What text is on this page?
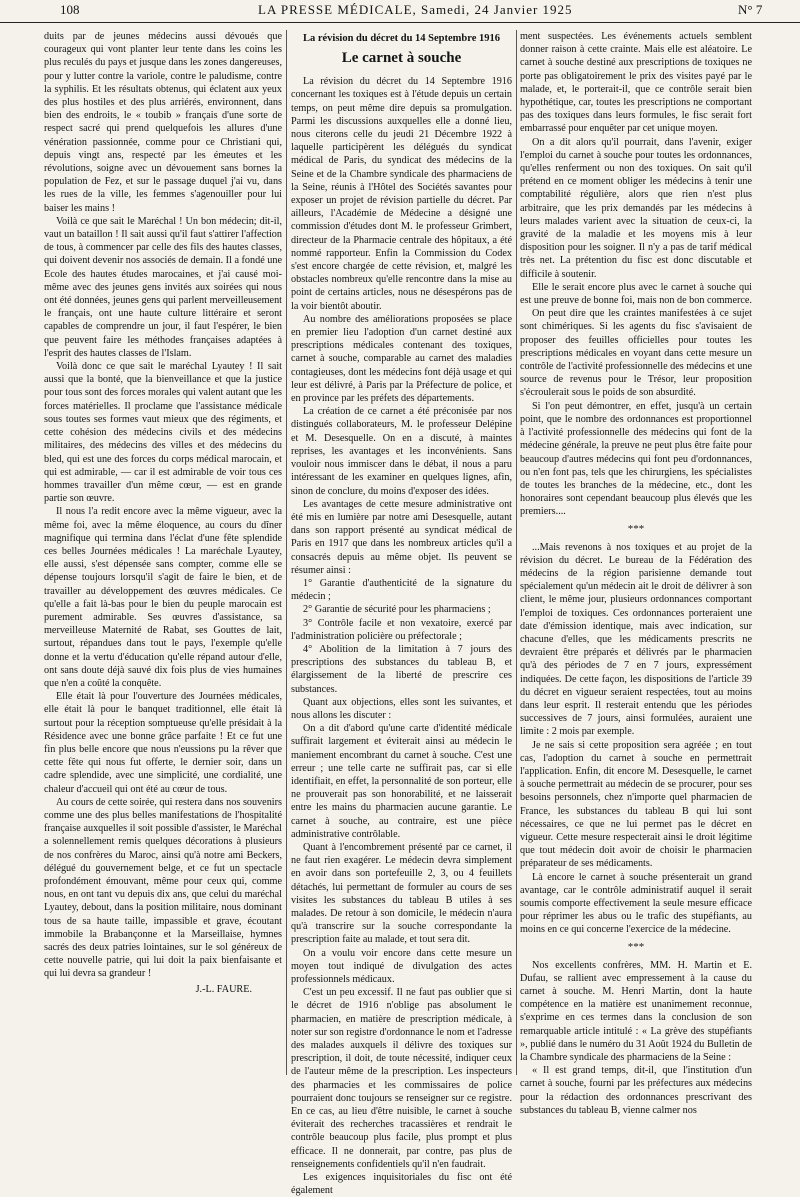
108	LA PRESSE MÉDICALE, Samedi, 24 Janvier 1925	N° 7

duits par de jeunes médecins aussi dévoués que courageux qui vont planter leur tente dans les coins les plus reculés du pays et jusque dans les zones dangereuses, pour y lutter contre la variole, contre le paludisme, contre la syphilis. Et les résultats obtenus, qui éclatent aux yeux des plus hostiles et des plus arriérés, environnent, dans bien des endroits, le « toubib » français d'une sorte de respect sacré qui prend quelquefois les allures d'une vénération passionnée, comme pour ce Christiani qui, depuis vingt ans, respecté par les émeutes et les révolutions, soigne avec un dévouement sans bornes la population de Fez, et sur le passage duquel j'ai vu, dans les rues de la ville, les femmes s'agenouiller pour lui baiser les mains !

Voilà ce que sait le Maréchal ! Un bon médecin; dit-il, vaut un bataillon ! Il sait aussi qu'il faut s'attirer l'affection de tous, à commencer par celle des fils des hautes classes, qui doivent devenir nos associés de demain. Il a fondé une Ecole des hautes études marocaines, et j'ai causé moi-même avec des jeunes gens invités aux soirées qui nous ont été données, jeunes gens qui parlent merveilleusement le français, ont une haute culture littéraire et seront capables de comprendre un jour, il faut l'espérer, le bien que peuvent faire les méthodes françaises adaptées à l'esprit des hautes classes de l'Islam.

Voilà donc ce que sait le maréchal Lyautey ! Il sait aussi que la bonté, que la bienveillance et que la justice pour tous sont des forces morales qui valent autant que les forces matérielles. Il proclame que l'assistance médicale sous toutes ses formes vaut mieux que des régiments, et cette cohésion des médecins civils et des médecins militaires, des médecins des villes et des médecins du bled, qui est une des forces du corps médical marocain, et qui est admirable, — car il est admirable de voir tous ces hommes travailler d'un même cœur, — est en grande partie son œuvre.

Il nous l'a redit encore avec la même vigueur, avec la même foi, avec la même éloquence, au cours du dîner magnifique qui termina dans l'éclat d'une fête splendide ces belles Journées médicales ! La maréchale Lyautey, elle aussi, s'est dépensée sans compter, comme elle se dépense toujours lorsqu'il s'agit de faire le bien, et de travailler au développement des œuvres médicales. Ce qu'elle a fait là-bas pour le bien du peuple marocain est purement admirable. Ses œuvres d'assistance, sa merveilleuse Maternité de Rabat, ses Gouttes de lait, surtout, répandues dans tout le pays, l'exemple qu'elle donne et la vertu d'éducation qu'elle répand autour d'elle, ont sans doute déjà sauvé dix fois plus de vies humaines que n'en a coûté la conquête.

Elle était là pour l'ouverture des Journées médicales, elle était là pour le banquet traditionnel, elle était là surtout pour la réception somptueuse qu'elle présidait à la Résidence avec une bonne grâce parfaite ! Et ce fut une fin plus belle encore que nous n'eussions pu la rêver que cette fête qui nous fut offerte, le dernier soir, dans un cadre splendide, avec une simplicité, une cordialité, une chaleur d'accueil qui ont été au cœur de tous.

Au cours de cette soirée, qui restera dans nos souvenirs comme une des plus belles manifestations de l'hospitalité française auxquelles il soit possible d'assister, le Maréchal a solennellement remis quelques décorations à plusieurs de nos confrères du Maroc, ainsi qu'à notre ami Beckers, délégué du gouvernement belge, et ce fut un spectacle profondément émouvant, même pour ceux qui, comme nous, en ont tant vu depuis dix ans, que celui du maréchal Lyautey, debout, dans la position militaire, nous dominant tous de sa haute taille, impassible et grave, écoutant immobile la Brabançonne et la Marseillaise, hymnes sacrés des deux patries lointaines, sur le sol généreux de cette nouvelle patrie, qui lui doit la paix bienfaisante et qui lui devra sa grandeur !

J.-L. FAURE.

La révision du décret du 14 Septembre 1916

Le carnet à souche

La révision du décret du 14 Septembre 1916 concernant les toxiques est à l'étude depuis un certain temps, on peut même dire depuis sa promulgation. Parmi les discussions auxquelles elle a donné lieu, nous citerons celle du jeudi 21 Décembre 1922 à laquelle participèrent les délégués du syndicat médical de Paris, du syndicat des médecins de la Seine et de la Chambre syndicale des pharmaciens de la Seine, réunis à l'Hôtel des Sociétés savantes pour exposer un projet de révision partielle du décret. Par ailleurs, l'Académie de Médecine a désigné une commission d'études dont M. le professeur Grimbert, directeur de la Pharmacie centrale des hôpitaux, a été nommé rapporteur. Enfin la Commission du Codex s'est encore chargée de cette révision, et, malgré les obstacles nombreux qu'elle rencontre dans la mise au point de certains articles, nous ne désespérons pas de la voir bientôt aboutir.

Au nombre des améliorations proposées se place en premier lieu l'adoption d'un carnet destiné aux prescriptions médicales contenant des toxiques, carnet à souche, comparable au carnet des maladies contagieuses, dont les médecins font déjà usage et qui leur est délivré, à Paris par la Préfecture de police, et en province par les préfets des départements.

La création de ce carnet a été préconisée par nos distingués collaborateurs, M. le professeur Delépine et M. Desesquelle. On en a discuté, à maintes reprises, les avantages et les inconvénients. Sans vouloir nous immiscer dans le débat, il nous a paru intéressant de les examiner en quelques lignes, afin, sinon de conclure, du moins d'exposer des idées.

Les avantages de cette mesure administrative ont été mis en lumière par notre ami Desesquelle, autant dans son rapport présenté au syndicat médical de Paris en 1917 que dans les nombreux articles qu'il a consacrés depuis au même objet. Ils peuvent se résumer ainsi :

1° Garantie d'authenticité de la signature du médecin ;

2° Garantie de sécurité pour les pharmaciens ;

3° Contrôle facile et non vexatoire, exercé par l'administration policière ou préfectorale ;

4° Abolition de la limitation à 7 jours des prescriptions des substances du tableau B, et élargissement de la liberté de prescrire ces substances.

Quant aux objections, elles sont les suivantes, et nous allons les discuter :

On a dit d'abord qu'une carte d'identité médicale suffirait largement et éviterait ainsi au médecin le maniement encombrant du carnet à souche. C'est une erreur ; une telle carte ne suffirait pas, car si elle identifiait, en effet, la personnalité de son porteur, elle ne prouverait pas son honorabilité, et ne laisserait entre les mains du pharmacien aucune garantie. Le carnet à souche, au contraire, est une pièce administrative contrôlable.

Quant à l'encombrement présenté par ce carnet, il ne faut rien exagérer. Le médecin devra simplement en avoir dans son portefeuille 2, 3, ou 4 feuillets détachés, lui permettant de formuler au cours de ses visites les substances du tableau B utiles à ses malades. De retour à son domicile, le médecin n'aura qu'à transcrire sur la souche correspondante la prescription faite au malade, et tout sera dit.

On a voulu voir encore dans cette mesure un moyen tout indiqué de divulgation des actes professionnels médicaux.

C'est un peu excessif. Il ne faut pas oublier que si le décret de 1916 n'oblige pas absolument le pharmacien, en matière de prescription médicale, à noter sur son registre d'ordonnance le nom et l'adresse des malades auxquels il délivre des toxiques sur prescription, il doit, de toute nécessité, indiquer ceux de l'auteur même de la prescription. Les inspecteurs des pharmacies et les commissaires de police pourraient donc toujours se renseigner sur ce registre. En ce cas, au lieu d'être nuisible, le carnet à souche éviterait des recherches tracassières et rendrait le contrôle beaucoup plus facile, plus prompt et plus efficace. Il ne donnerait, par contre, pas plus de renseignements confidentiels qu'il n'en faudrait.

Les exigences inquisitoriales du fisc ont été également

ment suspectées. Les événements actuels semblent donner raison à cette crainte. Mais elle est aléatoire. Le carnet à souche destiné aux prescriptions de toxiques ne porte pas obligatoirement le prix des visites payé par le malade, et, le porterait-il, que ce contrôle serait bien hypothétique, car, toutes les prescriptions ne comportant pas des toxiques dans leurs formules, le fisc serait fort embarrassé pour enquêter par cet unique moyen.

On a dit alors qu'il pourrait, dans l'avenir, exiger l'emploi du carnet à souche pour toutes les ordonnances, qu'elles renferment ou non des toxiques. On sait qu'il prétend en ce moment obliger les médecins à tenir une comptabilité régulière, alors que rien n'est plus arbitraire, que les prix demandés par les médecins à leurs malades varient avec la situation de ceux-ci, la gravité de la maladie et les moyens mis à leur disposition pour les soigner. Il n'y a pas de tarif médical très net. La prétention du fisc est donc discutable et difficile à soutenir.

Elle le serait encore plus avec le carnet à souche qui est une preuve de bonne foi, mais non de bon commerce.

On peut dire que les craintes manifestées à ce sujet sont chimériques. Si les agents du fisc s'avisaient de proposer des feuilles officielles pour toutes les prescriptions médicales en voyant dans cette mesure un contrôle de l'activité professionnelle des médecins et une source de revenus pour le Trésor, leur proposition s'écroulerait sous le poids de son absurdité.

Si l'on peut démontrer, en effet, jusqu'à un certain point, que le nombre des ordonnances est proportionnel à l'activité professionnelle des médecins qui font de la médecine générale, la preuve ne peut plus être faite pour beaucoup d'autres médecins qui font peu d'ordonnances, ou n'en font pas, tels que les chirurgiens, les spécialistes de toutes les branches de la médecine, etc., dont les honoraires sont cependant beaucoup plus élevés que les premiers....

***

...Mais revenons à nos toxiques et au projet de la révision du décret. Le bureau de la Fédération des médecins de la région parisienne demande tout spécialement qu'un médecin ait le droit de délivrer à son client, le même jour, plusieurs ordonnances comportant l'emploi de toxiques. Ces ordonnances porteraient une date d'émission identique, mais avec indication, sur chacune d'elles, que les médicaments prescrits ne devraient être préparés et délivrés par le pharmacien qu'à des périodes de 7 en 7 jours, expressément indiquées. De cette façon, les dispositions de l'article 39 du décret en vigueur seraient respectées, tout au moins dans leur esprit. Il resterait entendu que les périodes successives de 7 jours, ainsi formulées, auraient une limite : 2 mois par exemple.

Je ne sais si cette proposition sera agréée ; en tout cas, l'adoption du carnet à souche en permettrait l'application. Enfin, dit encore M. Desesquelle, le carnet à souche permettrait au médecin de se procurer, pour ses besoins personnels, chez n'importe quel pharmacien de France, les substances du tableau B qui lui sont nécessaires, ce que ne lui permet pas le décret en vigueur. Cette mesure respecterait ainsi le droit légitime que tout médecin doit avoir de choisir le pharmacien préparateur de ses médicaments.

Là encore le carnet à souche présenterait un grand avantage, car le contrôle administratif auquel il serait soumis comporte effectivement la seule mesure efficace pour réprimer les abus ou le trafic des stupéfiants, au moins en ce qui concerne l'exercice de la médecine.

***

Nos excellents confrères, MM. H. Martin et E. Dufau, se rallient avec empressement à la cause du carnet à souche. M. Henri Martin, dont la haute compétence en la matière est unanimement reconnue, s'exprime en ces termes dans la conclusion de son remarquable article intitulé : « La grève des stupéfiants », publié dans le numéro du 31 Août 1924 du Bulletin de la Chambre syndicale des pharmaciens de la Seine :

« Il est grand temps, dit-il, que l'institution d'un carnet à souche, fourni par les préfectures aux médecins pour la rédaction des ordonnances prescrivant des substances du tableau B, vienne calmer nos
